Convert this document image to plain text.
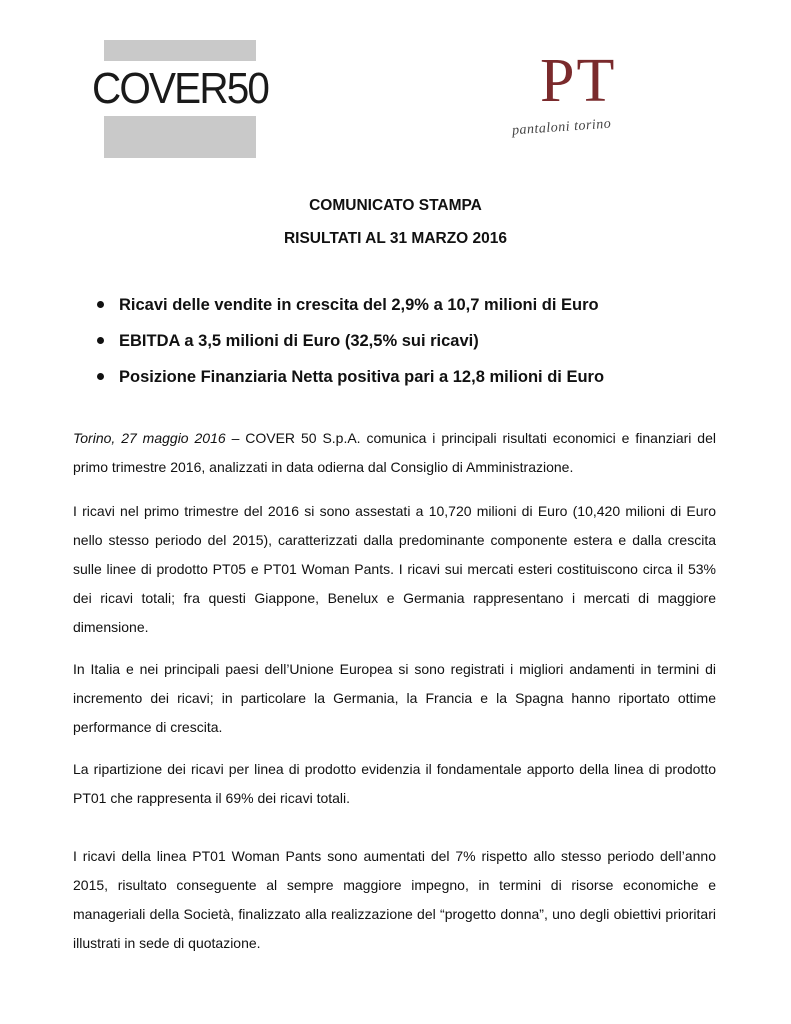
COVER50	PT
pantaloni torino
COMUNICATO STAMPA
RISULTATI AL 31 MARZO 2016
Ricavi delle vendite in crescita del 2,9% a 10,7 milioni di Euro
EBITDA a 3,5 milioni di Euro (32,5% sui ricavi)
Posizione Finanziaria Netta positiva pari a 12,8 milioni di Euro

Torino, 27 maggio 2016 – COVER 50 S.p.A. comunica i principali risultati economici e finanziari del primo trimestre 2016, analizzati in data odierna dal Consiglio di Amministrazione.

I ricavi nel primo trimestre del 2016 si sono assestati a 10,720 milioni di Euro (10,420 milioni di Euro nello stesso periodo del 2015), caratterizzati dalla predominante componente estera e dalla crescita sulle linee di prodotto PT05 e PT01 Woman Pants. I ricavi sui mercati esteri costituiscono circa il 53% dei ricavi totali; fra questi Giappone, Benelux e Germania rappresentano i mercati di maggiore dimensione.

In Italia e nei principali paesi dell’Unione Europea si sono registrati i migliori andamenti in termini di incremento dei ricavi; in particolare la Germania, la Francia e la Spagna hanno riportato ottime performance di crescita.

La ripartizione dei ricavi per linea di prodotto evidenzia il fondamentale apporto della linea di prodotto PT01 che rappresenta il 69% dei ricavi totali.

I ricavi della linea PT01 Woman Pants sono aumentati del 7% rispetto allo stesso periodo dell’anno 2015, risultato conseguente al sempre maggiore impegno, in termini di risorse economiche e manageriali della Società, finalizzato alla realizzazione del “progetto donna”, uno degli obiettivi prioritari illustrati in sede di quotazione.
